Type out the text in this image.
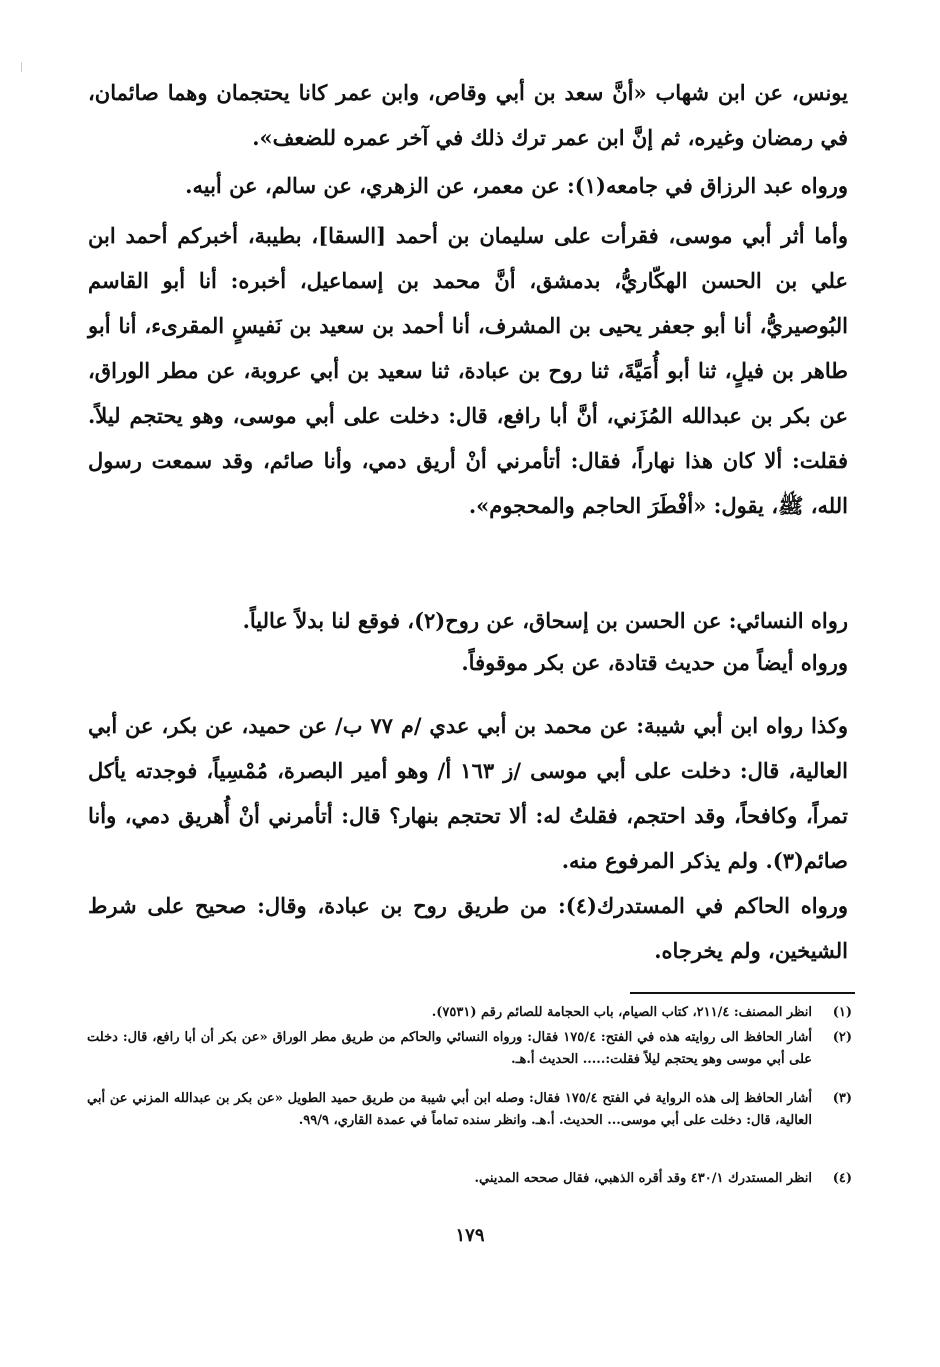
يونس، عن ابن شهاب «أنَّ سعد بن أبي وقاص، وابن عمر كانا يحتجمان وهما صائمان، في رمضان وغيره، ثم إنَّ ابن عمر ترك ذلك في آخر عمره للضعف».

ورواه عبد الرزاق في جامعه(١): عن معمر، عن الزهري، عن سالم، عن أبيه.

وأما أثر أبي موسى، فقرأت على سليمان بن أحمد [السقا]، بطيبة، أخبركم أحمد ابن علي بن الحسن الهكّاريُّ، بدمشق، أنَّ محمد بن إسماعيل، أخبره: أنا أبو القاسم البُوصيريُّ، أنا أبو جعفر يحيى بن المشرف، أنا أحمد بن سعيد بن نَفيسٍ المقرىء، أنا أبو طاهر بن فيلٍ، ثنا أبو أُمَيَّةَ، ثنا روح بن عبادة، ثنا سعيد بن أبي عروبة، عن مطر الوراق، عن بكر بن عبدالله المُزَني، أنَّ أبا رافع، قال: دخلت على أبي موسى، وهو يحتجم ليلاً. فقلت: ألا كان هذا نهاراً، فقال: أتأمرني أنْ أريق دمي، وأنا صائم، وقد سمعت رسول الله، ﷺ، يقول: «أفْطَرَ الحاجم والمحجوم».

رواه النسائي: عن الحسن بن إسحاق، عن روح(٢)، فوقع لنا بدلاً عالياً.

ورواه أيضاً من حديث قتادة، عن بكر موقوفاً.

وكذا رواه ابن أبي شيبة: عن محمد بن أبي عدي /م ٧٧ ب/ عن حميد، عن بكر، عن أبي العالية، قال: دخلت على أبي موسى /ز ١٦٣ أ/ وهو أمير البصرة، مُمْسِياً، فوجدته يأكل تمراً، وكافحاً، وقد احتجم، فقلتُ له: ألا تحتجم بنهار؟ قال: أتأمرني أنْ أُهريق دمي، وأنا صائم(٣). ولم يذكر المرفوع منه.

ورواه الحاكم في المستدرك(٤): من طريق روح بن عبادة، وقال: صحيح على شرط الشيخين، ولم يخرجاه.

(١)
انظر المصنف: ٢١١/٤، كتاب الصيام، باب الحجامة للصائم رقم (٧٥٣١).
(٢)
أشار الحافظ الى روايته هذه في الفتح: ١٧٥/٤ فقال: ورواه النسائي والحاكم من طريق مطر الوراق «عن بكر أن أبا رافع، قال: دخلت على أبي موسى وهو يحتجم ليلاً فقلت:..... الحديث أ.هـ.
(٣)
أشار الحافظ إلى هذه الرواية في الفتح ١٧٥/٤ فقال: وصله ابن أبي شيبة من طريق حميد الطويل «عن بكر بن عبدالله المزني عن أبي العالية، قال: دخلت على أبي موسى... الحديث. أ.هـ. وانظر سنده تماماً في عمدة القاري، ٩٩/٩.
(٤)
انظر المستدرك ٤٣٠/١ وقد أقره الذهبي، فقال صححه المديني.
١٧٩
